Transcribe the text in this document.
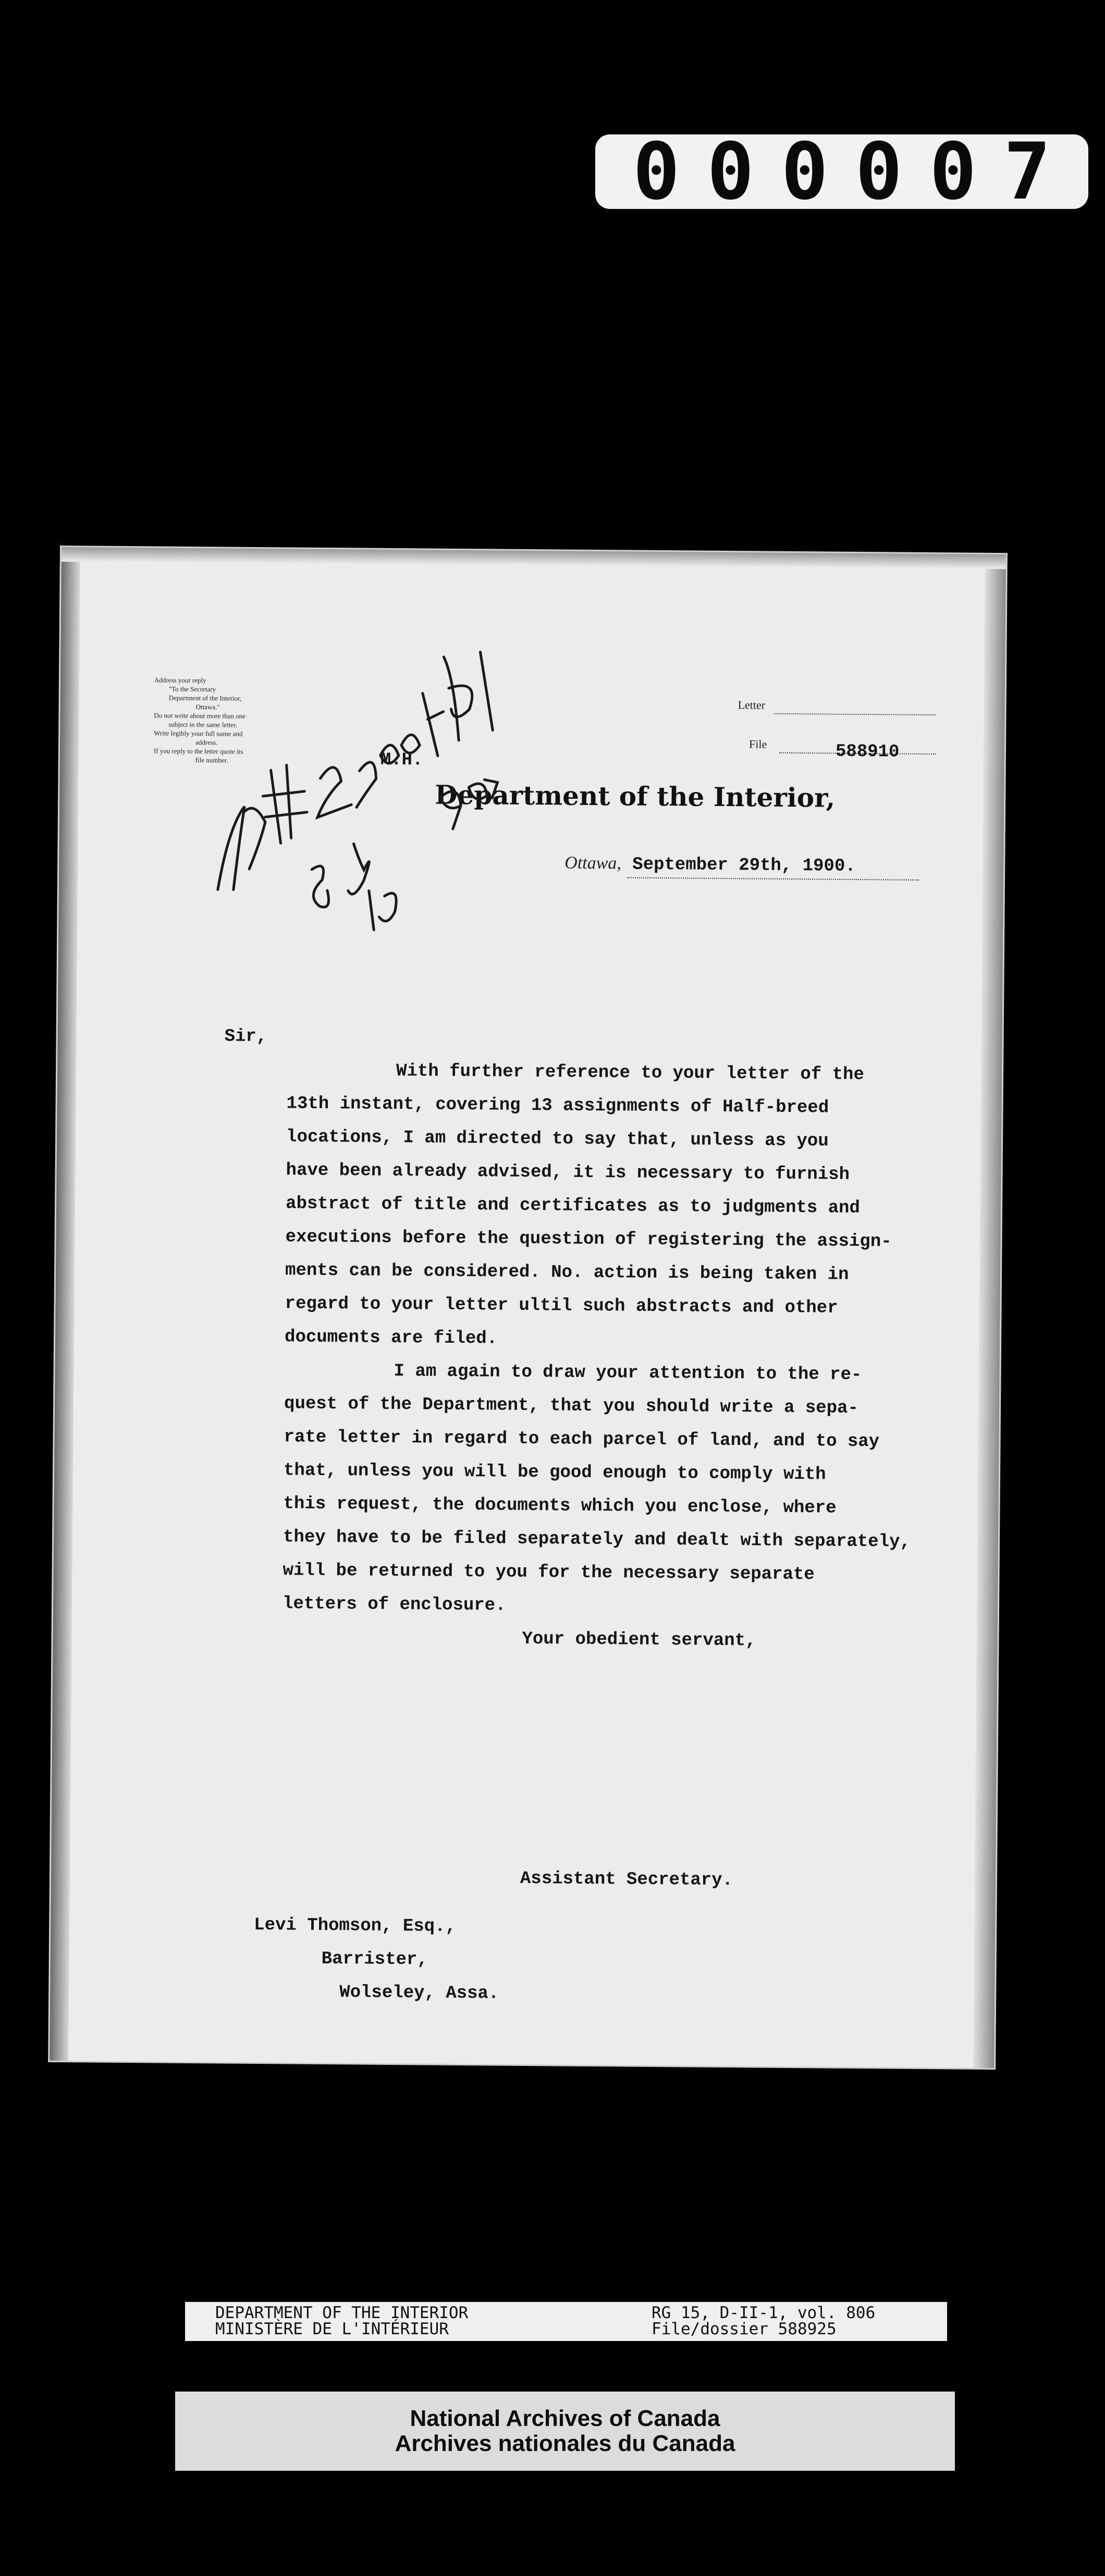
000007
Address your reply
"To the Secretary
Department of the Interior,
Ottawa."
Do not write about more than one
subject in the same letter.
Write legibly your full name and
address.
If you reply to the letter quote its
file number.
Letter
File	588910
M.H.
Department of the Interior,
Ottawa, September 29th, 1900.
Sir,

With further reference to your letter of the
13th instant, covering 13 assignments of Half-breed
locations, I am directed to say that, unless as you
have been already advised, it is necessary to furnish
abstract of title and certificates as to judgments and
executions before the question of registering the assign-
ments can be considered. No. action is being taken in
regard to your letter ultil such abstracts and other
documents are filed.

I am again to draw your attention to the re-
quest of the Department, that you should write a sepa-
rate letter in regard to each parcel of land, and to say
that, unless you will be good enough to comply with
this request, the documents which you enclose, where
they have to be filed separately and dealt with separately,
will be returned to you for the necessary separate
letters of enclosure.

Your obedient servant,
Assistant Secretary.
Levi Thomson, Esq.,
Barrister,
Wolseley, Assa.
DEPARTMENT OF THE INTERIOR
MINISTÈRE DE L'INTÉRIEUR
RG 15, D-II-1, vol. 806
File/dossier 588925
National Archives of Canada
Archives nationales du Canada
